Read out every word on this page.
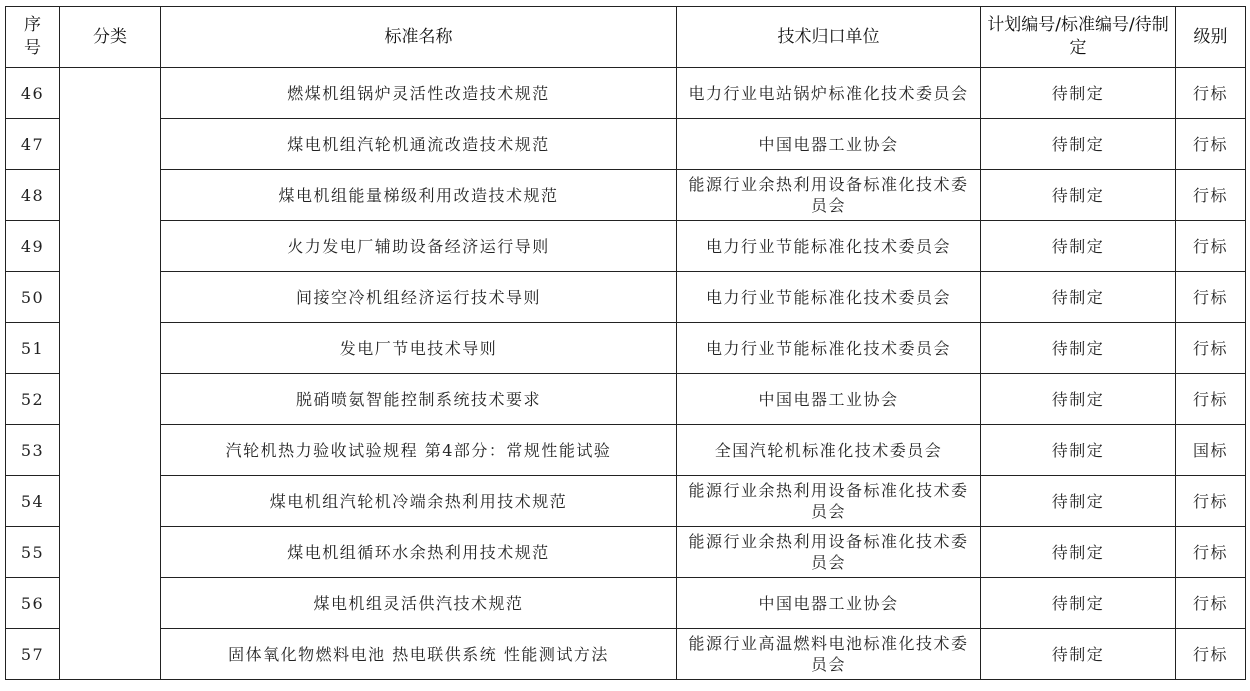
序号	分类	标准名称	技术归口单位	计划编号/标准编号/待制定	级别
46		燃煤机组锅炉灵活性改造技术规范	电力行业电站锅炉标准化技术委员会	待制定	行标
47		煤电机组汽轮机通流改造技术规范	中国电器工业协会	待制定	行标
48		煤电机组能量梯级利用改造技术规范	能源行业余热利用设备标准化技术委员会	待制定	行标
49		火力发电厂辅助设备经济运行导则	电力行业节能标准化技术委员会	待制定	行标
50		间接空冷机组经济运行技术导则	电力行业节能标准化技术委员会	待制定	行标
51		发电厂节电技术导则	电力行业节能标准化技术委员会	待制定	行标
52		脱硝喷氨智能控制系统技术要求	中国电器工业协会	待制定	行标
53		汽轮机热力验收试验规程 第4部分：常规性能试验	全国汽轮机标准化技术委员会	待制定	国标
54		煤电机组汽轮机冷端余热利用技术规范	能源行业余热利用设备标准化技术委员会	待制定	行标
55		煤电机组循环水余热利用技术规范	能源行业余热利用设备标准化技术委员会	待制定	行标
56		煤电机组灵活供汽技术规范	中国电器工业协会	待制定	行标
57		固体氧化物燃料电池 热电联供系统 性能测试方法	能源行业高温燃料电池标准化技术委员会	待制定	行标
